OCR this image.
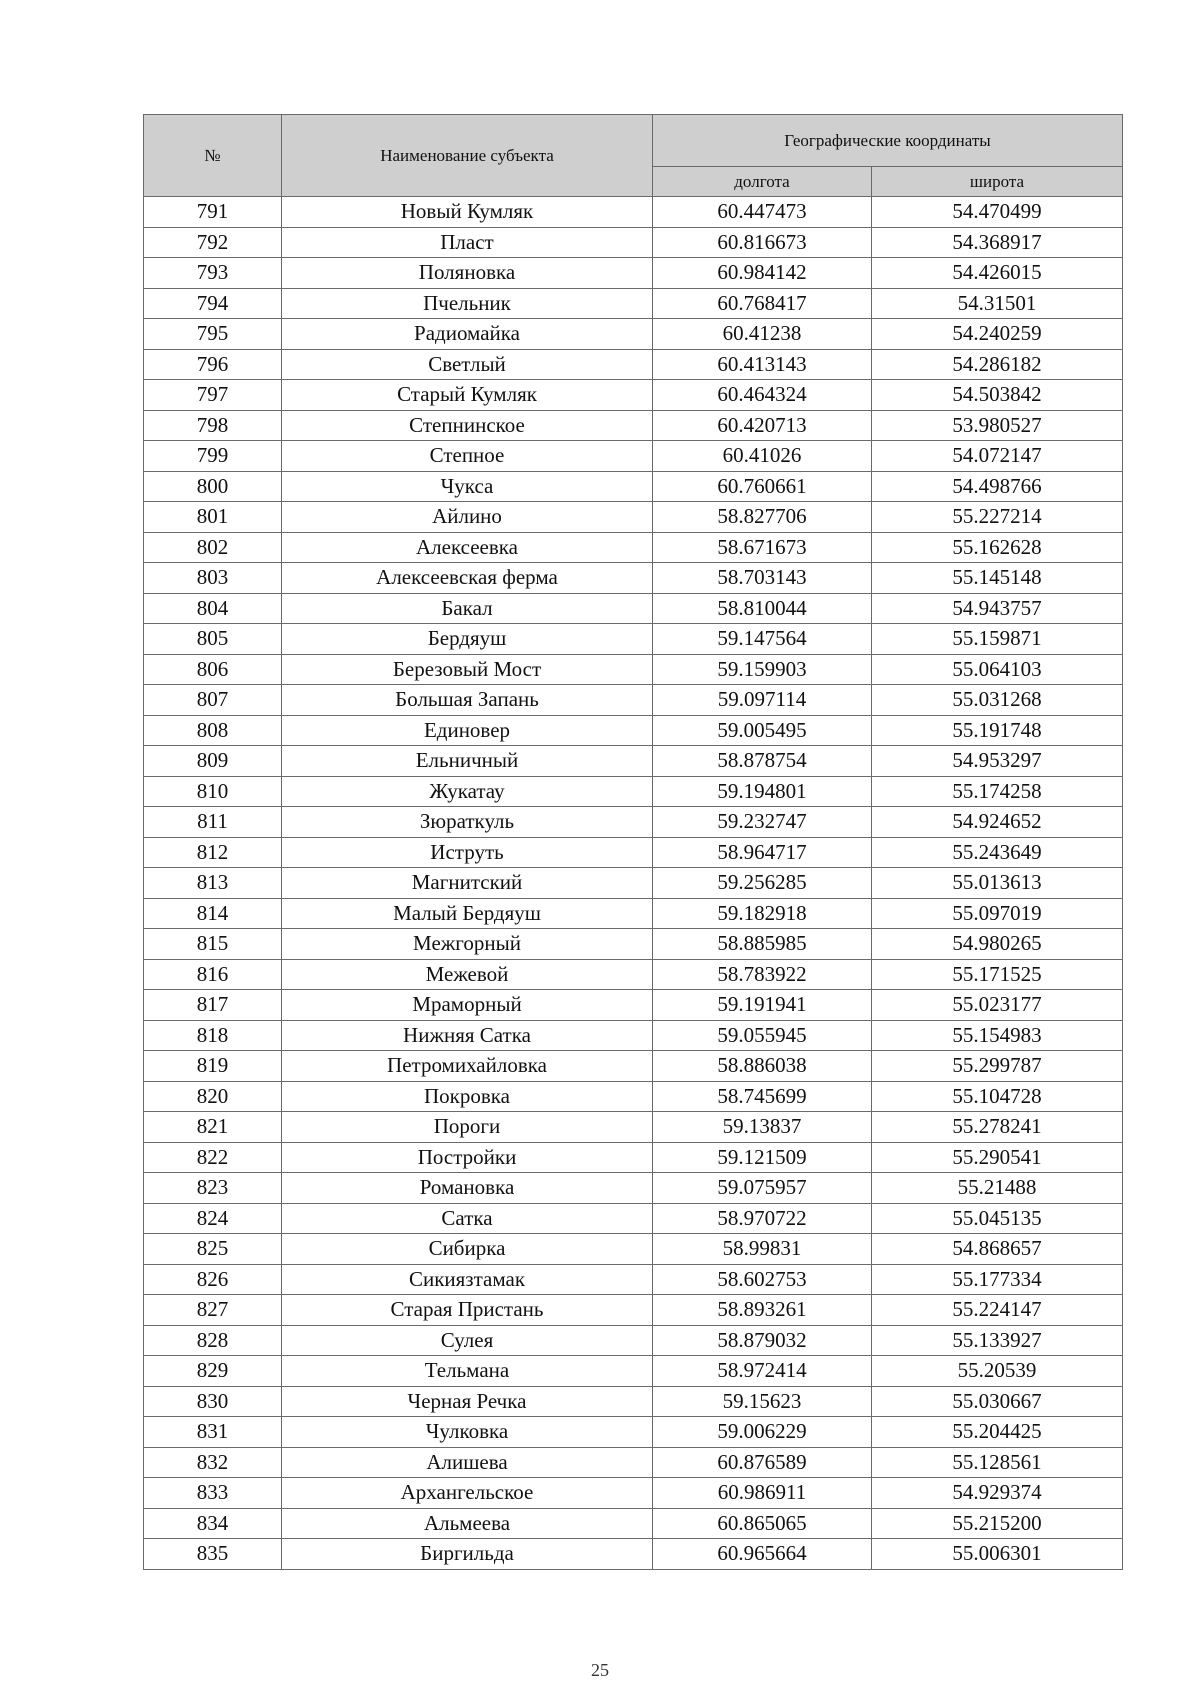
№	Наименование субъекта	Географические координаты	
		долгота	широта
791	Новый Кумляк	60.447473	54.470499
792	Пласт	60.816673	54.368917
793	Поляновка	60.984142	54.426015
794	Пчельник	60.768417	54.31501
795	Радиомайка	60.41238	54.240259
796	Светлый	60.413143	54.286182
797	Старый Кумляк	60.464324	54.503842
798	Степнинское	60.420713	53.980527
799	Степное	60.41026	54.072147
800	Чукса	60.760661	54.498766
801	Айлино	58.827706	55.227214
802	Алексеевка	58.671673	55.162628
803	Алексеевская ферма	58.703143	55.145148
804	Бакал	58.810044	54.943757
805	Бердяуш	59.147564	55.159871
806	Березовый Мост	59.159903	55.064103
807	Большая Запань	59.097114	55.031268
808	Единовер	59.005495	55.191748
809	Ельничный	58.878754	54.953297
810	Жукатау	59.194801	55.174258
811	Зюраткуль	59.232747	54.924652
812	Иструть	58.964717	55.243649
813	Магнитский	59.256285	55.013613
814	Малый Бердяуш	59.182918	55.097019
815	Межгорный	58.885985	54.980265
816	Межевой	58.783922	55.171525
817	Мраморный	59.191941	55.023177
818	Нижняя Сатка	59.055945	55.154983
819	Петромихайловка	58.886038	55.299787
820	Покровка	58.745699	55.104728
821	Пороги	59.13837	55.278241
822	Постройки	59.121509	55.290541
823	Романовка	59.075957	55.21488
824	Сатка	58.970722	55.045135
825	Сибирка	58.99831	54.868657
826	Сикиязтамак	58.602753	55.177334
827	Старая Пристань	58.893261	55.224147
828	Сулея	58.879032	55.133927
829	Тельмана	58.972414	55.20539
830	Черная Речка	59.15623	55.030667
831	Чулковка	59.006229	55.204425
832	Алишева	60.876589	55.128561
833	Архангельское	60.986911	54.929374
834	Альмеева	60.865065	55.215200
835	Биргильда	60.965664	55.006301
25
